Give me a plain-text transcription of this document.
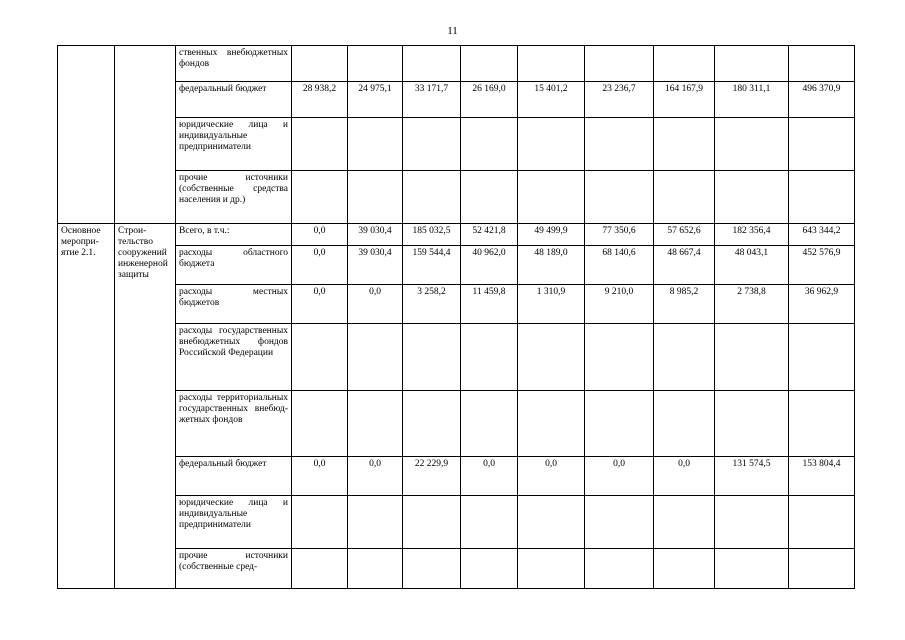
11
		ственных внебюджетных фондов									
		федеральный бюджет	28 938,2	24 975,1	33 171,7	26 169,0	15 401,2	23 236,7	164 167,9	180 311,1	496 370,9
		юридические лица и индивидуальные предприниматели									
		прочие источники (собственные средства населения и др.)									
Основное мероприятие 2.1.	Строительство сооружений инженерной защиты	Всего, в т.ч.:	0,0	39 030,4	185 032,5	52 421,8	49 499,9	77 350,6	57 652,6	182 356,4	643 344,2
		расходы областного бюджета	0,0	39 030,4	159 544,4	40 962,0	48 189,0	68 140,6	48 667,4	48 043,1	452 576,9
		расходы местных бюджетов	0,0	0,0	3 258,2	11 459,8	1 310,9	9 210,0	8 985,2	2 738,8	36 962,9
		расходы государственных внебюджетных фондов Российской Федерации									
		расходы территориальных государственных внебюджетных фондов									
		федеральный бюджет	0,0	0,0	22 229,9	0,0	0,0	0,0	0,0	131 574,5	153 804,4
		юридические лица и индивидуальные предприниматели									
		прочие источники (собственные сред-									
